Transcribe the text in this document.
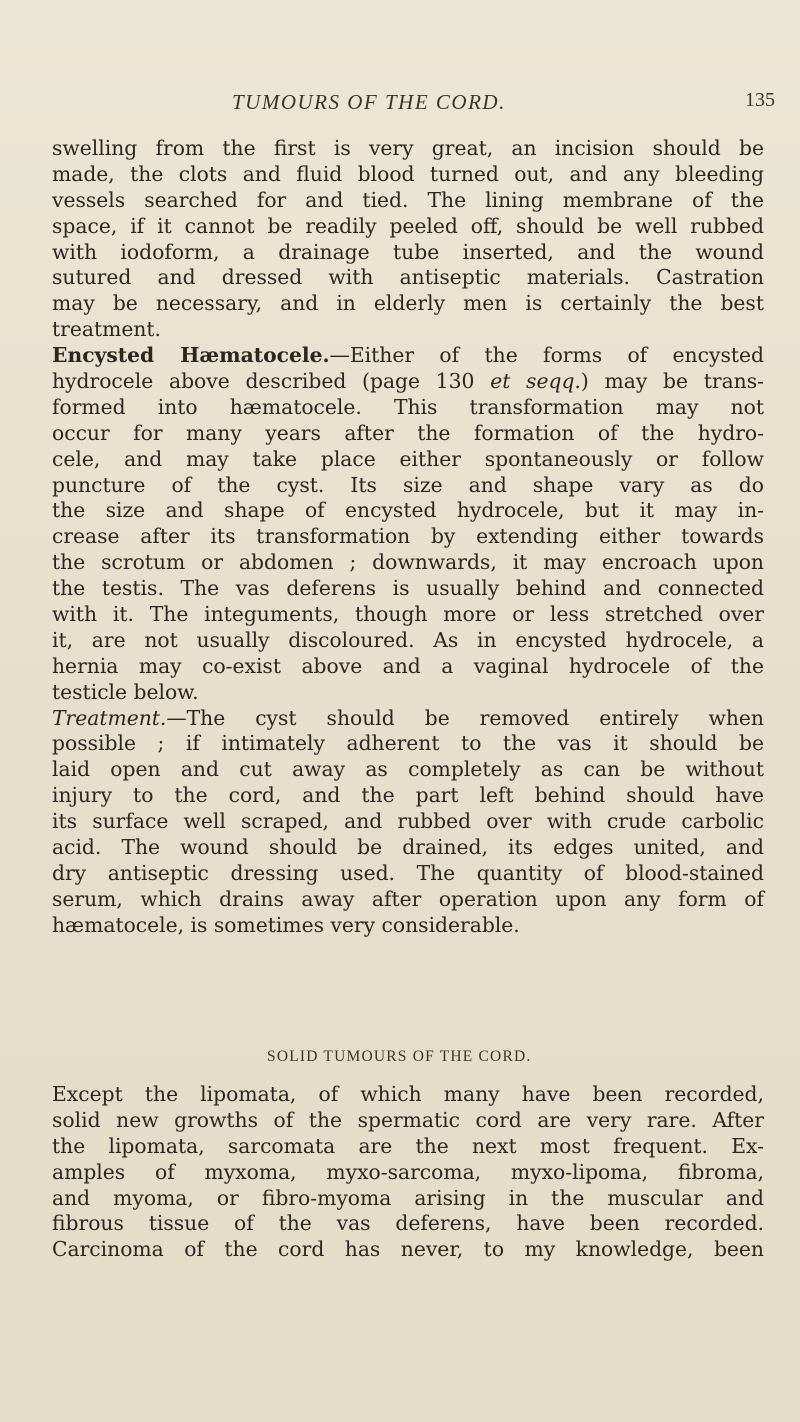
TUMOURS OF THE CORD.	135
swelling from the first is very great, an incision should be
made, the clots and fluid blood turned out, and any bleeding
vessels searched for and tied. The lining membrane of the
space, if it cannot be readily peeled off, should be well rubbed
with iodoform, a drainage tube inserted, and the wound
sutured and dressed with antiseptic materials. Castration
may be necessary, and in elderly men is certainly the best
treatment.
Encysted Hæmatocele.—Either of the forms of encysted
hydrocele above described (page 130 et seqq.) may be trans-
formed into hæmatocele. This transformation may not
occur for many years after the formation of the hydro-
cele, and may take place either spontaneously or follow
puncture of the cyst. Its size and shape vary as do
the size and shape of encysted hydrocele, but it may in-
crease after its transformation by extending either towards
the scrotum or abdomen ; downwards, it may encroach upon
the testis. The vas deferens is usually behind and connected
with it. The integuments, though more or less stretched over
it, are not usually discoloured. As in encysted hydrocele, a
hernia may co-exist above and a vaginal hydrocele of the
testicle below.
Treatment.—The cyst should be removed entirely when
possible ; if intimately adherent to the vas it should be
laid open and cut away as completely as can be without
injury to the cord, and the part left behind should have
its surface well scraped, and rubbed over with crude carbolic
acid. The wound should be drained, its edges united, and
dry antiseptic dressing used. The quantity of blood-stained
serum, which drains away after operation upon any form of
hæmatocele, is sometimes very considerable.
SOLID TUMOURS OF THE CORD.
Except the lipomata, of which many have been recorded,
solid new growths of the spermatic cord are very rare. After
the lipomata, sarcomata are the next most frequent. Ex-
amples of myxoma, myxo-sarcoma, myxo-lipoma, fibroma,
and myoma, or fibro-myoma arising in the muscular and
fibrous tissue of the vas deferens, have been recorded.
Carcinoma of the cord has never, to my knowledge, been
